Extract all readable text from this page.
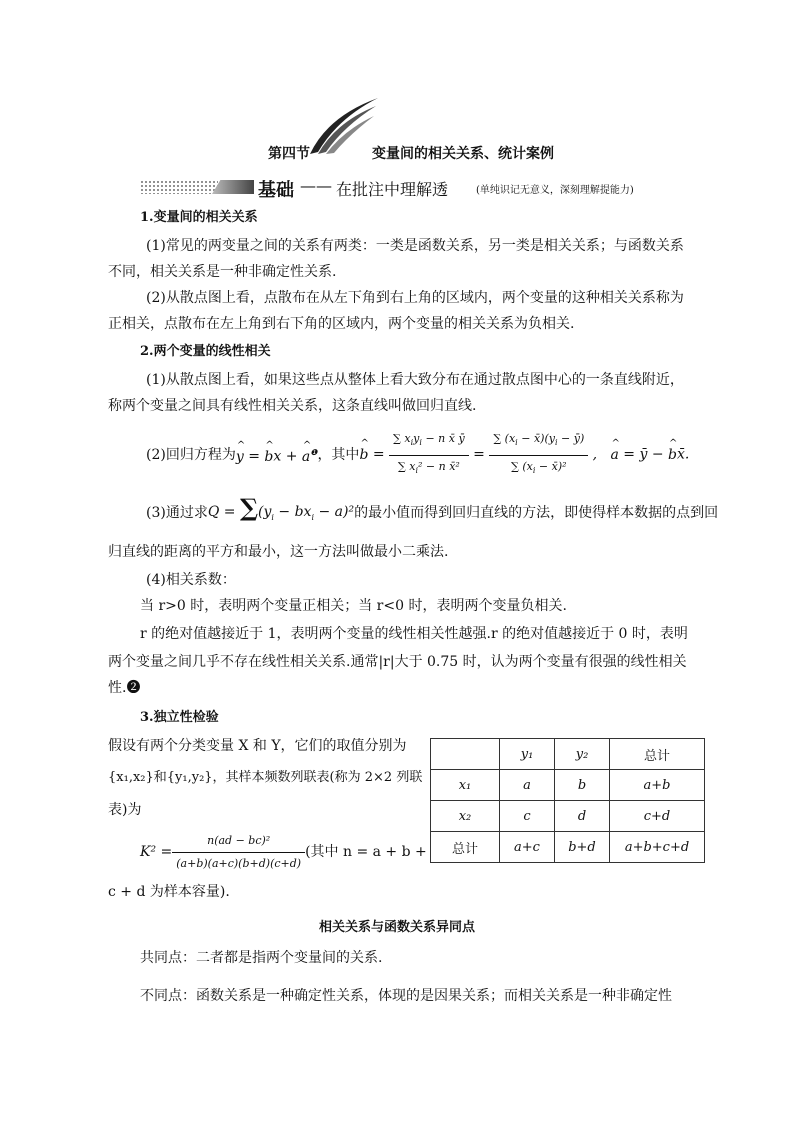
第四节	变量间的相关关系、统计案例
基础 —— 在批注中理解透	(单纯识记无意义，深刻理解提能力)
1.变量间的相关关系
(1)常见的两变量之间的关系有两类：一类是函数关系，另一类是相关关系；与函数关系
不同，相关关系是一种非确定性关系.
(2)从散点图上看，点散布在从左下角到右上角的区域内，两个变量的这种相关关系称为
正相关，点散布在左上角到右下角的区域内，两个变量的相关关系为负相关.
2.两个变量的线性相关
(1)从散点图上看，如果这些点从整体上看大致分布在通过散点图中心的一条直线附近，
称两个变量之间具有线性相关关系，这条直线叫做回归直线.
(2)回归方程为 ^ y = ^ bx + ^ $a^❶$ ，其中 ^ $b = \frac{\sum x_iy_i - n x̄ ȳ}{\sum x_i^2 - n x̄^2} = \frac{\sum (x_i - x̄)(y_i - ȳ)}{\sum (x_i - x̄)^2}$ ,   ^ a = ȳ − ^ bx̄.
(3)通过求 $Q = \sum(y_i - bx_i - a)^2$ 的最小值而得到回归直线的方法，即使得样本数据的点到回
归直线的距离的平方和最小，这一方法叫做最小二乘法.
(4)相关系数：
当 r>0 时，表明两个变量正相关；当 r<0 时，表明两个变量负相关.
r 的绝对值越接近于 1，表明两个变量的线性相关性越强.r 的绝对值越接近于 0 时，表明
两个变量之间几乎不存在线性相关关系.通常|r|大于 0.75 时，认为两个变量有很强的线性相关
性.❷
3.独立性检验
假设有两个分类变量 X 和 Y，它们的取值分别为
{x₁,x₂}和{y₁,y₂}，其样本频数列联表(称为 2×2 列联
表)为
$K^2 = \frac{\text{n(ad − bc)²}}{(a+b)(a+c)(b+d)(c+d)}$ (其中 n = a + b +
c + d 为样本容量).
	y₁	y₂	总计
x₁	a	b	a+b
x₂	c	d	c+d
总计	a+c	b+d	a+b+c+d
相关关系与函数关系异同点
共同点：二者都是指两个变量间的关系.
不同点：函数关系是一种确定性关系，体现的是因果关系；而相关关系是一种非确定性
